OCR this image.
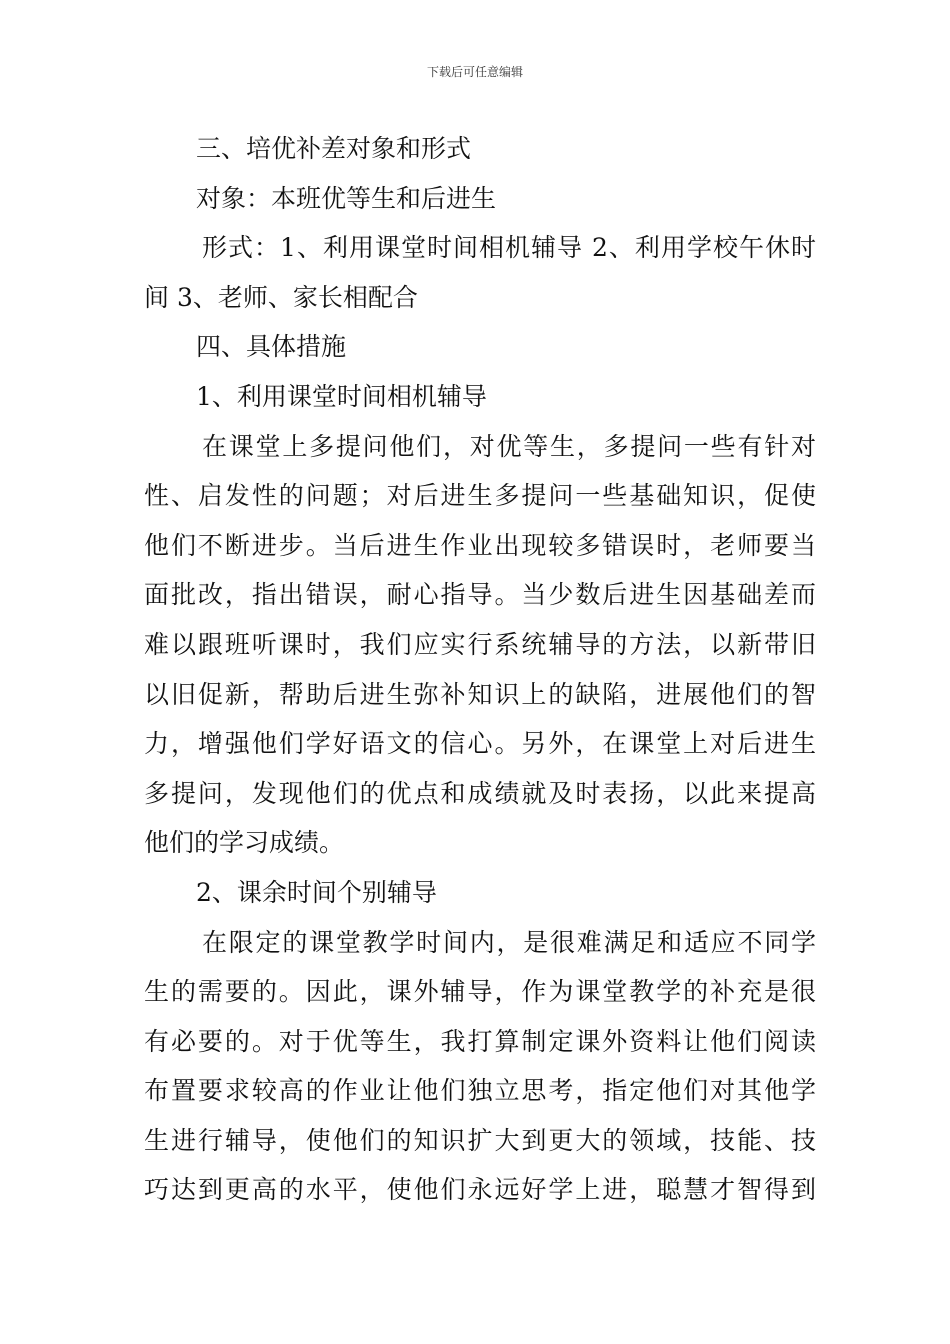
下载后可任意编辑
三、培优补差对象和形式
对象：本班优等生和后进生
形式：1、利用课堂时间相机辅导 2、利用学校午休时
间 3、老师、家长相配合
四、具体措施
1、利用课堂时间相机辅导
在课堂上多提问他们，对优等生，多提问一些有针对
性、启发性的问题；对后进生多提问一些基础知识，促使
他们不断进步。当后进生作业出现较多错误时，老师要当
面批改，指出错误，耐心指导。当少数后进生因基础差而
难以跟班听课时，我们应实行系统辅导的方法，以新带旧
以旧促新，帮助后进生弥补知识上的缺陷，进展他们的智
力，增强他们学好语文的信心。另外，在课堂上对后进生
多提问，发现他们的优点和成绩就及时表扬，以此来提高
他们的学习成绩。
2、课余时间个别辅导
在限定的课堂教学时间内，是很难满足和适应不同学
生的需要的。因此，课外辅导，作为课堂教学的补充是很
有必要的。对于优等生，我打算制定课外资料让他们阅读
布置要求较高的作业让他们独立思考，指定他们对其他学
生进行辅导，使他们的知识扩大到更大的领域，技能、技
巧达到更高的水平，使他们永远好学上进，聪慧才智得到
